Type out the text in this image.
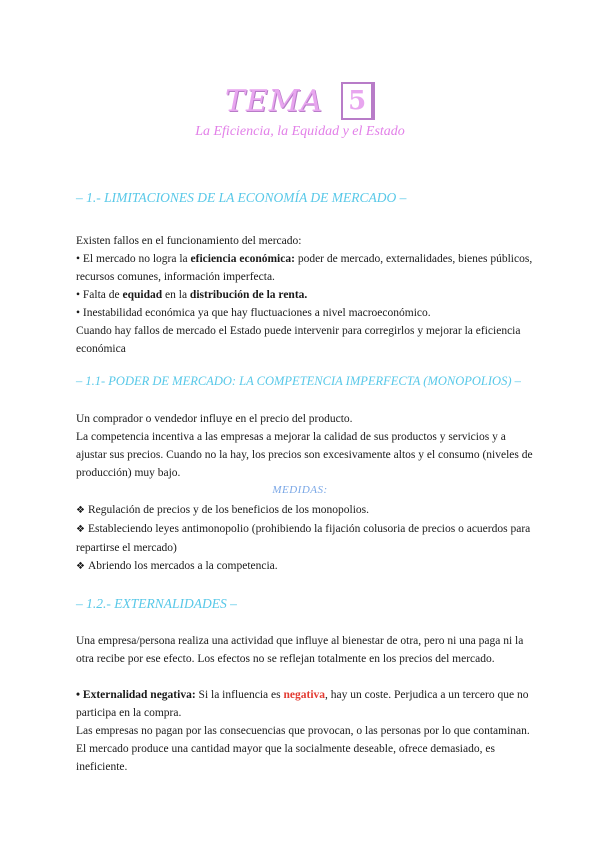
TEMA 5
La Eficiencia, la Equidad y el Estado
– 1.- LIMITACIONES DE LA ECONOMÍA DE MERCADO –

Existen fallos en el funcionamiento del mercado:

• El mercado no logra la eficiencia económica: poder de mercado, externalidades, bienes públicos, recursos comunes, información imperfecta.

• Falta de equidad en la distribución de la renta.

• Inestabilidad económica ya que hay fluctuaciones a nivel macroeconómico.

Cuando hay fallos de mercado el Estado puede intervenir para corregirlos y mejorar la eficiencia económica

– 1.1- PODER DE MERCADO: LA COMPETENCIA IMPERFECTA (MONOPOLIOS) –

Un comprador o vendedor influye en el precio del producto.

La competencia incentiva a las empresas a mejorar la calidad de sus productos y servicios y a ajustar sus precios. Cuando no la hay, los precios son excesivamente altos y el consumo (niveles de producción) muy bajo.

MEDIDAS:

❖ Regulación de precios y de los beneficios de los monopolios.

❖ Estableciendo leyes antimonopolio (prohibiendo la fijación colusoria de precios o acuerdos para repartirse el mercado)

❖ Abriendo los mercados a la competencia.

– 1.2.- EXTERNALIDADES –

Una empresa/persona realiza una actividad que influye al bienestar de otra, pero ni una paga ni la otra recibe por ese efecto. Los efectos no se reflejan totalmente en los precios del mercado.

• Externalidad negativa: Si la influencia es negativa, hay un coste. Perjudica a un tercero que no participa en la compra.

Las empresas no pagan por las consecuencias que provocan, o las personas por lo que contaminan.

El mercado produce una cantidad mayor que la socialmente deseable, ofrece demasiado, es ineficiente.
